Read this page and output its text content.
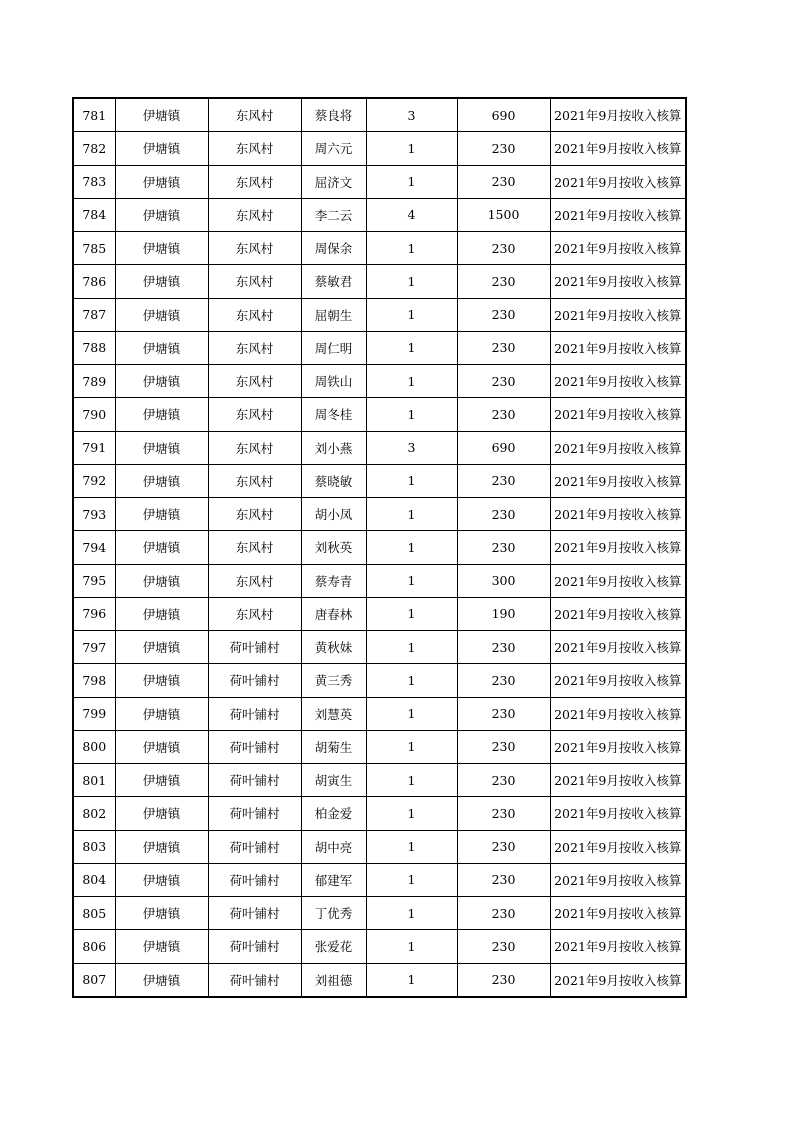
781	伊塘镇	东风村	蔡良将	3	690	2021年9月按收入核算
782	伊塘镇	东风村	周六元	1	230	2021年9月按收入核算
783	伊塘镇	东风村	屈济文	1	230	2021年9月按收入核算
784	伊塘镇	东风村	李二云	4	1500	2021年9月按收入核算
785	伊塘镇	东风村	周保余	1	230	2021年9月按收入核算
786	伊塘镇	东风村	蔡敏君	1	230	2021年9月按收入核算
787	伊塘镇	东风村	屈朝生	1	230	2021年9月按收入核算
788	伊塘镇	东风村	周仁明	1	230	2021年9月按收入核算
789	伊塘镇	东风村	周铁山	1	230	2021年9月按收入核算
790	伊塘镇	东风村	周冬桂	1	230	2021年9月按收入核算
791	伊塘镇	东风村	刘小燕	3	690	2021年9月按收入核算
792	伊塘镇	东风村	蔡晓敏	1	230	2021年9月按收入核算
793	伊塘镇	东风村	胡小凤	1	230	2021年9月按收入核算
794	伊塘镇	东风村	刘秋英	1	230	2021年9月按收入核算
795	伊塘镇	东风村	蔡寿青	1	300	2021年9月按收入核算
796	伊塘镇	东风村	唐春林	1	190	2021年9月按收入核算
797	伊塘镇	荷叶铺村	黄秋妹	1	230	2021年9月按收入核算
798	伊塘镇	荷叶铺村	黄三秀	1	230	2021年9月按收入核算
799	伊塘镇	荷叶铺村	刘慧英	1	230	2021年9月按收入核算
800	伊塘镇	荷叶铺村	胡菊生	1	230	2021年9月按收入核算
801	伊塘镇	荷叶铺村	胡寅生	1	230	2021年9月按收入核算
802	伊塘镇	荷叶铺村	柏金爱	1	230	2021年9月按收入核算
803	伊塘镇	荷叶铺村	胡中亮	1	230	2021年9月按收入核算
804	伊塘镇	荷叶铺村	郁建军	1	230	2021年9月按收入核算
805	伊塘镇	荷叶铺村	丁优秀	1	230	2021年9月按收入核算
806	伊塘镇	荷叶铺村	张爱花	1	230	2021年9月按收入核算
807	伊塘镇	荷叶铺村	刘祖德	1	230	2021年9月按收入核算
